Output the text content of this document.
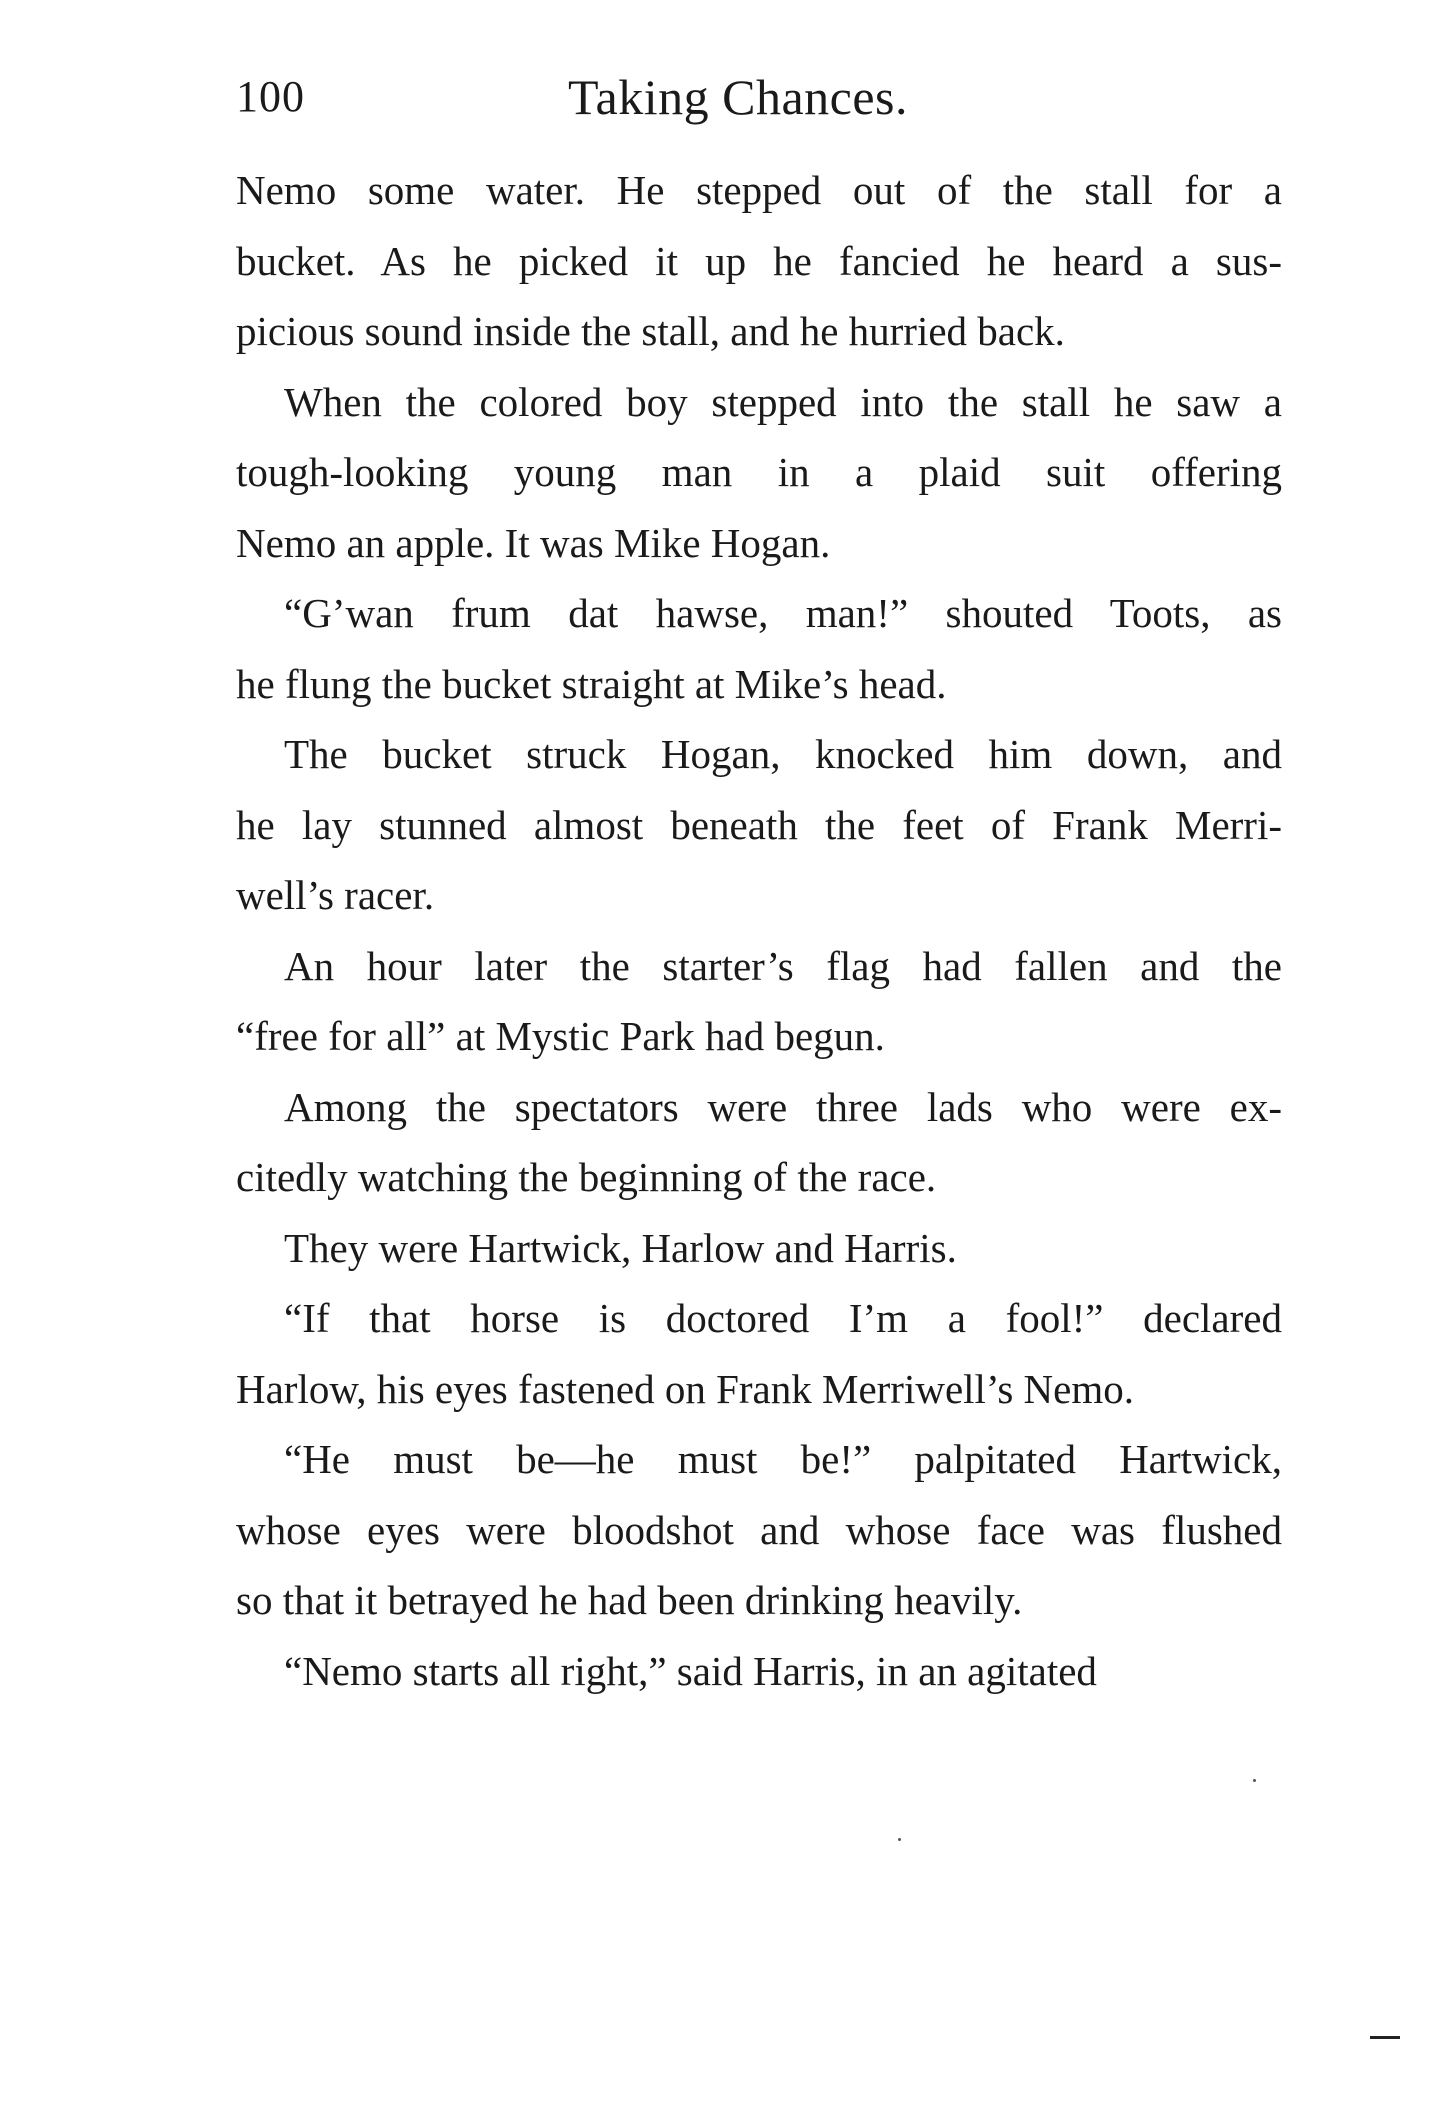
100	Taking Chances.

Nemo some water. He stepped out of the stall for a
bucket. As he picked it up he fancied he heard a sus-
picious sound inside the stall, and he hurried back.

When the colored boy stepped into the stall he saw a
tough-looking young man in a plaid suit offering
Nemo an apple. It was Mike Hogan.

“G’wan frum dat hawse, man!” shouted Toots, as
he flung the bucket straight at Mike’s head.

The bucket struck Hogan, knocked him down, and
he lay stunned almost beneath the feet of Frank Merri-
well’s racer.

An hour later the starter’s flag had fallen and the
“free for all” at Mystic Park had begun.

Among the spectators were three lads who were ex-
citedly watching the beginning of the race.

They were Hartwick, Harlow and Harris.

“If that horse is doctored I’m a fool!” declared
Harlow, his eyes fastened on Frank Merriwell’s Nemo.

“He must be—he must be!” palpitated Hartwick,
whose eyes were bloodshot and whose face was flushed
so that it betrayed he had been drinking heavily.

“Nemo starts all right,” said Harris, in an agitated
